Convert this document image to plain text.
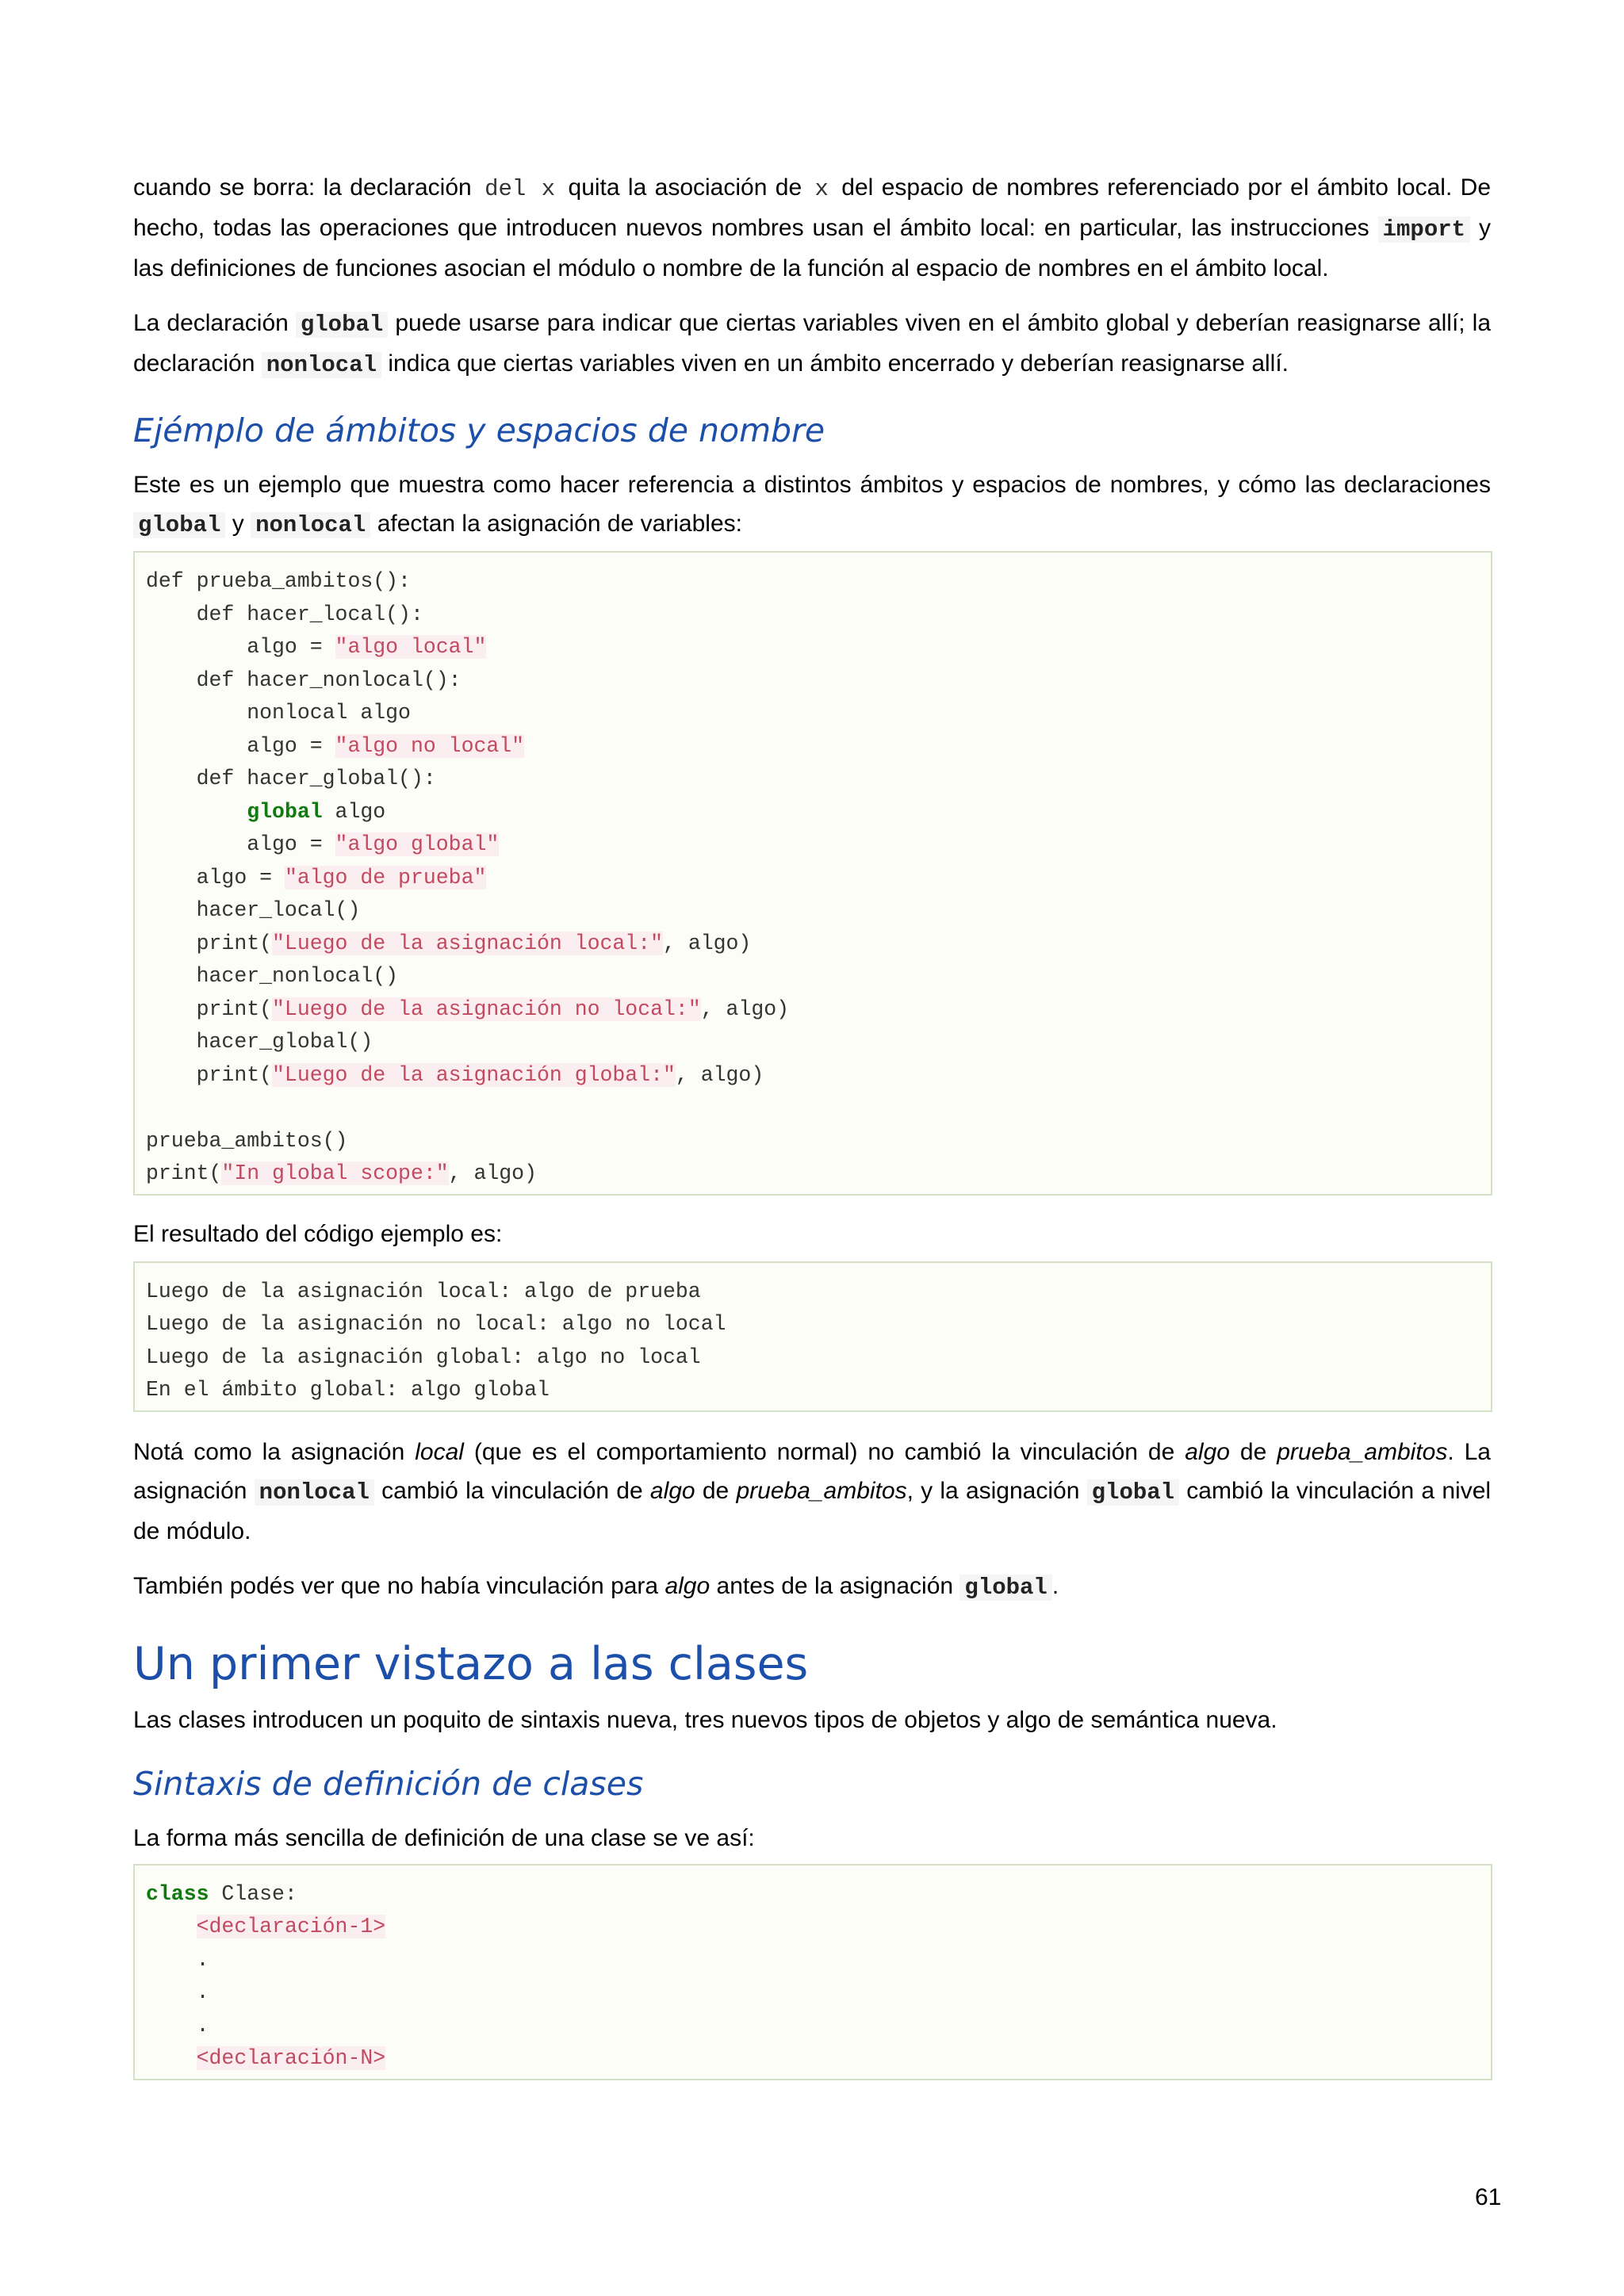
cuando se borra: la declaración del x quita la asociación de x del espacio de nombres referenciado por el ámbito local. De hecho, todas las operaciones que introducen nuevos nombres usan el ámbito local: en particular, las instrucciones import y las definiciones de funciones asocian el módulo o nombre de la función al espacio de nombres en el ámbito local.

La declaración global puede usarse para indicar que ciertas variables viven en el ámbito global y deberían reasignarse allí; la declaración nonlocal indica que ciertas variables viven en un ámbito encerrado y deberían reasignarse allí.

Ejémplo de ámbitos y espacios de nombre

Este es un ejemplo que muestra como hacer referencia a distintos ámbitos y espacios de nombres, y cómo las declaraciones global y nonlocal afectan la asignación de variables:

def prueba_ambitos():
def hacer_local():
algo = "algo local"
def hacer_nonlocal():
nonlocal algo
algo = "algo no local"
def hacer_global():
global algo
algo = "algo global"
algo = "algo de prueba"
hacer_local()
print("Luego de la asignación local:", algo)
hacer_nonlocal()
print("Luego de la asignación no local:", algo)
hacer_global()
print("Luego de la asignación global:", algo)
prueba_ambitos()
print("In global scope:", algo)

El resultado del código ejemplo es:

Luego de la asignación local: algo de prueba
Luego de la asignación no local: algo no local
Luego de la asignación global: algo no local
En el ámbito global: algo global

Notá como la asignación local (que es el comportamiento normal) no cambió la vinculación de algo de prueba_ambitos. La asignación nonlocal cambió la vinculación de algo de prueba_ambitos, y la asignación global cambió la vinculación a nivel de módulo.

También podés ver que no había vinculación para algo antes de la asignación global .

Un primer vistazo a las clases

Las clases introducen un poquito de sintaxis nueva, tres nuevos tipos de objetos y algo de semántica nueva.

Sintaxis de definición de clases

La forma más sencilla de definición de una clase se ve así:

class Clase:
<declaración-1>
.
.
.
<declaración-N>
61
